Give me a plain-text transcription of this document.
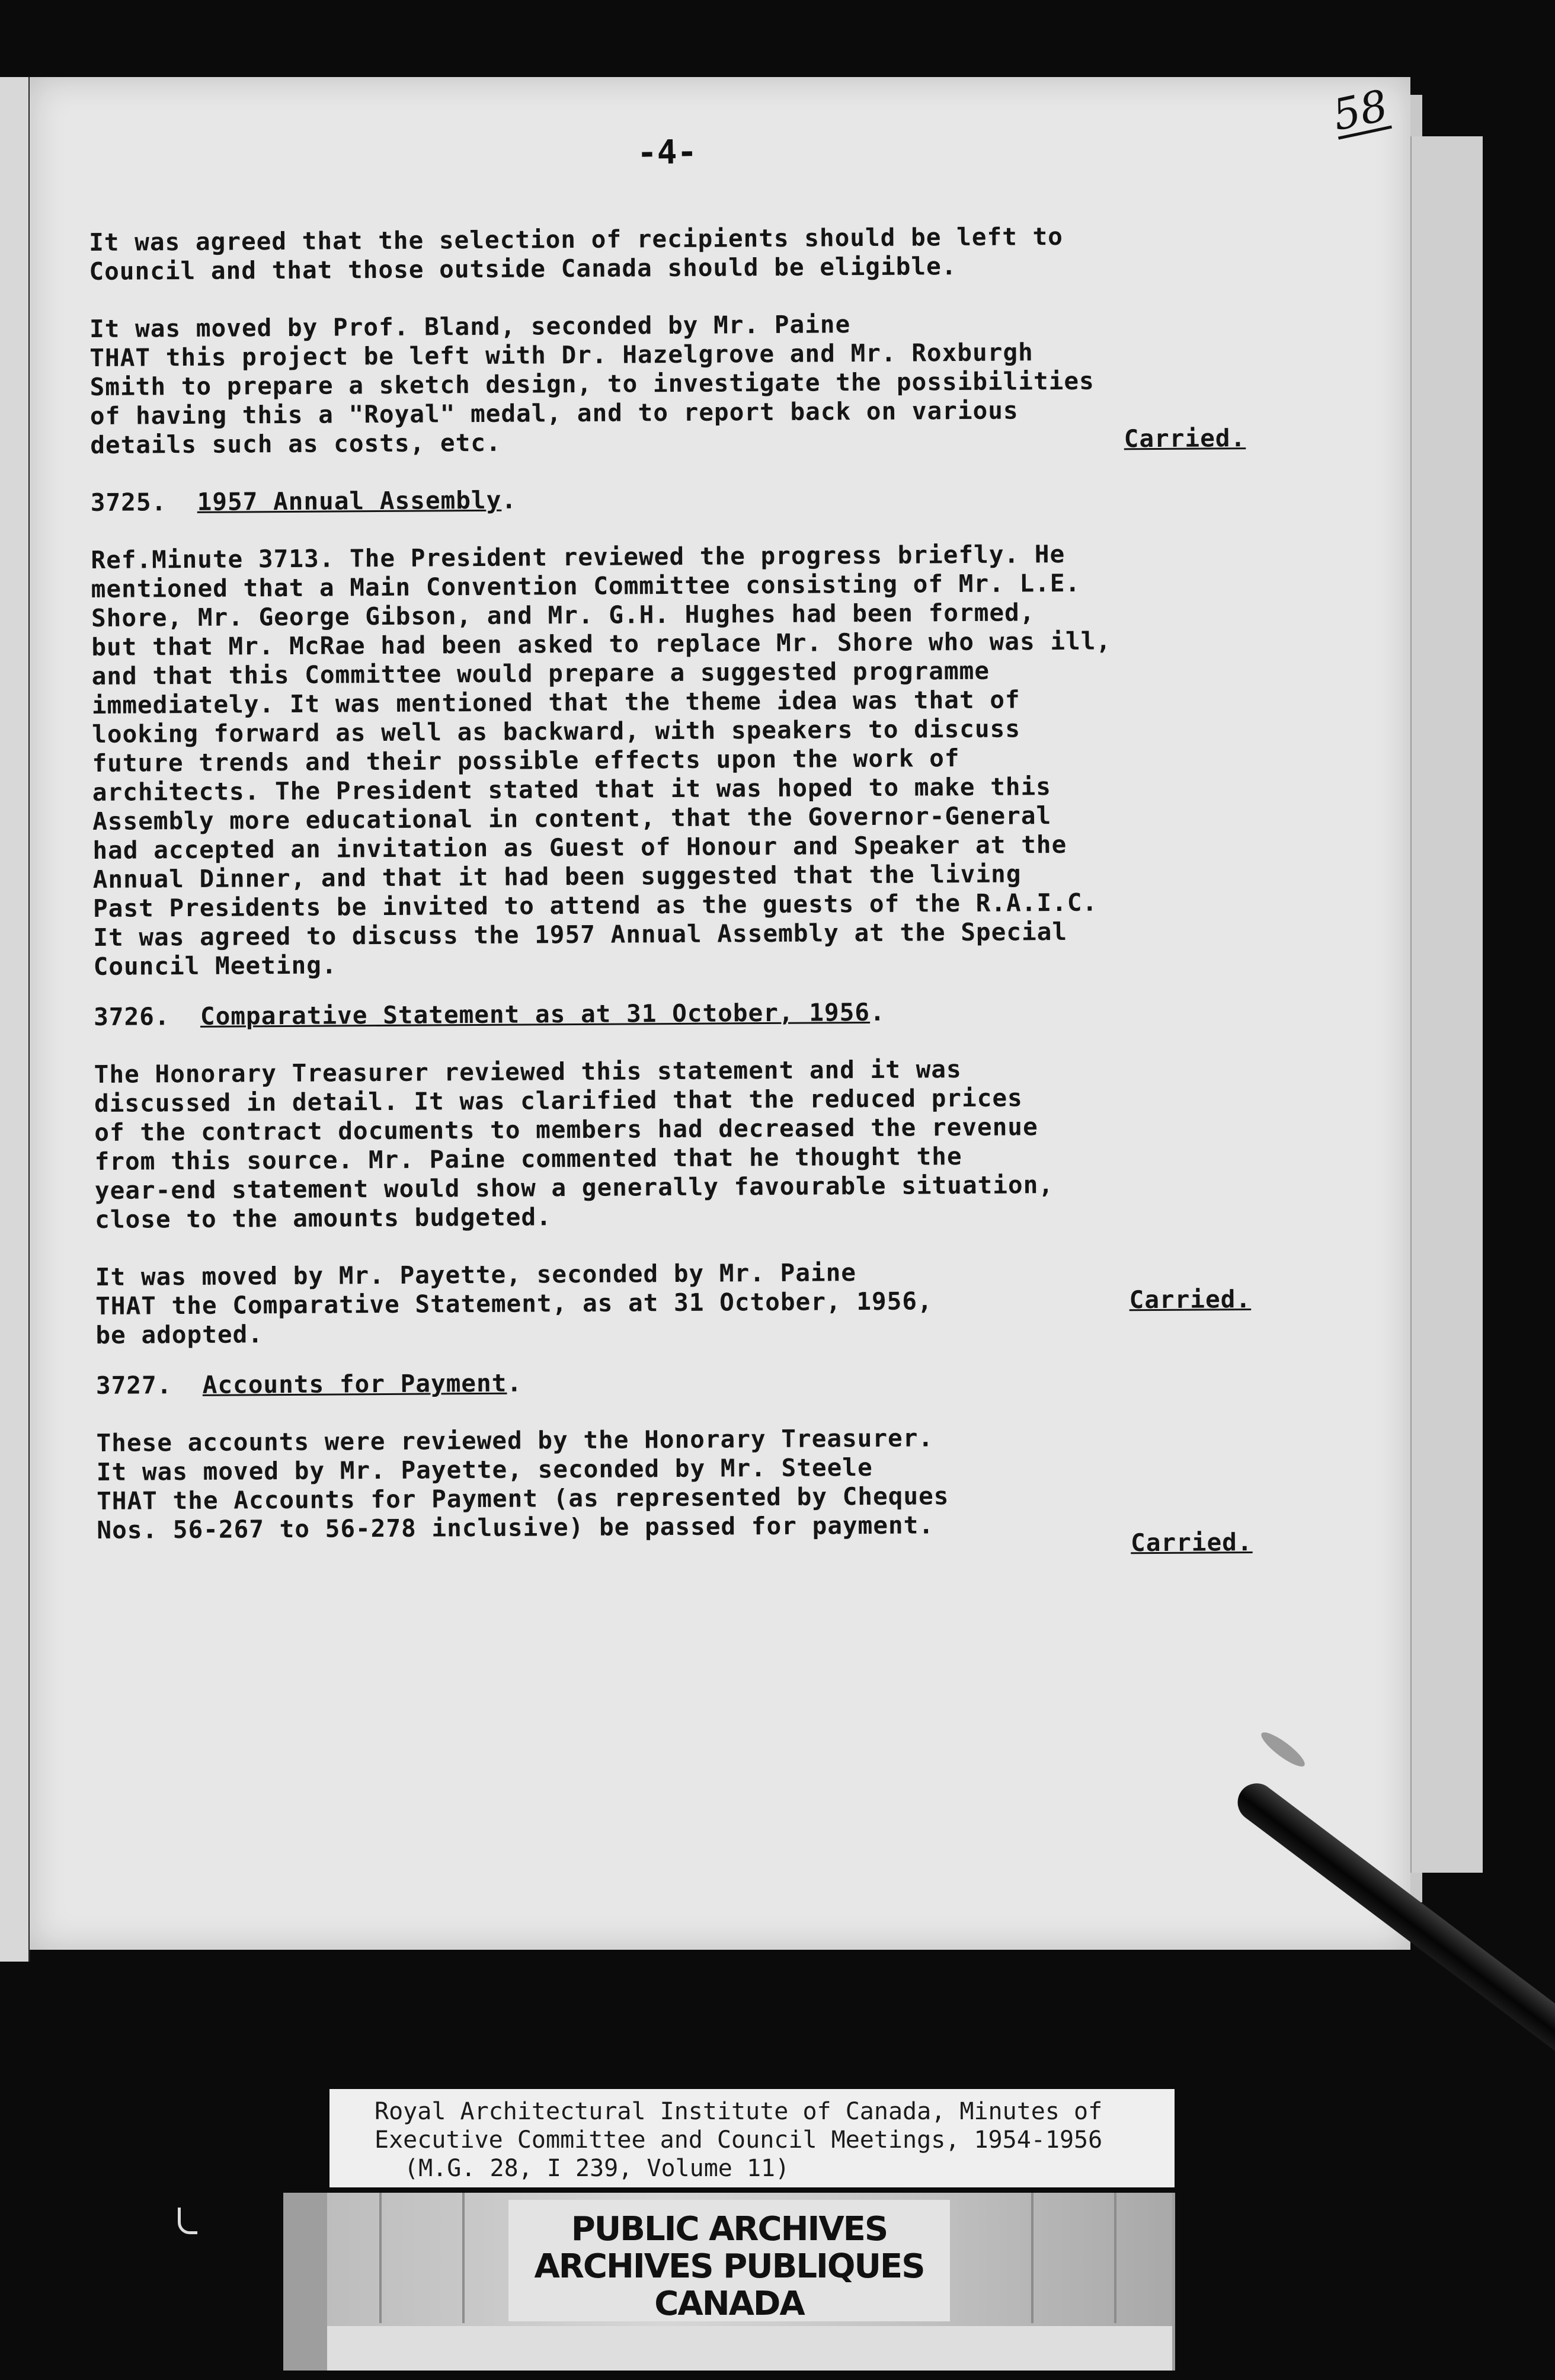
58
-4-

It was agreed that the selection of recipients should be left to

Council and that those outside Canada should be eligible.

It was moved by Prof. Bland, seconded by Mr. Paine

THAT this project be left with Dr. Hazelgrove and Mr. Roxburgh

Smith to prepare a sketch design, to investigate the possibilities

of having this a "Royal" medal, and to report back on various

details such as costs, etc.	Carried.

3725. 1957 Annual Assembly.

Ref.Minute 3713. The President reviewed the progress briefly. He

mentioned that a Main Convention Committee consisting of Mr. L.E.

Shore, Mr. George Gibson, and Mr. G.H. Hughes had been formed,

but that Mr. McRae had been asked to replace Mr. Shore who was ill,

and that this Committee would prepare a suggested programme

immediately. It was mentioned that the theme idea was that of

looking forward as well as backward, with speakers to discuss

future trends and their possible effects upon the work of

architects. The President stated that it was hoped to make this

Assembly more educational in content, that the Governor-General

had accepted an invitation as Guest of Honour and Speaker at the

Annual Dinner, and that it had been suggested that the living

Past Presidents be invited to attend as the guests of the R.A.I.C.

It was agreed to discuss the 1957 Annual Assembly at the Special

Council Meeting.

3726. Comparative Statement as at 31 October, 1956.

The Honorary Treasurer reviewed this statement and it was

discussed in detail. It was clarified that the reduced prices

of the contract documents to members had decreased the revenue

from this source. Mr. Paine commented that he thought the

year-end statement would show a generally favourable situation,

close to the amounts budgeted.

It was moved by Mr. Payette, seconded by Mr. Paine

THAT the Comparative Statement, as at 31 October, 1956,

be adopted.

Carried.

3727. Accounts for Payment.

These accounts were reviewed by the Honorary Treasurer.

It was moved by Mr. Payette, seconded by Mr. Steele

THAT the Accounts for Payment (as represented by Cheques

Nos. 56-267 to 56-278 inclusive) be passed for payment.	Carried.

Royal Architectural Institute of Canada, Minutes of

Executive Committee and Council Meetings, 1954-1956

(M.G. 28, I 239, Volume 11)

PUBLIC ARCHIVES

ARCHIVES PUBLIQUES

CANADA
